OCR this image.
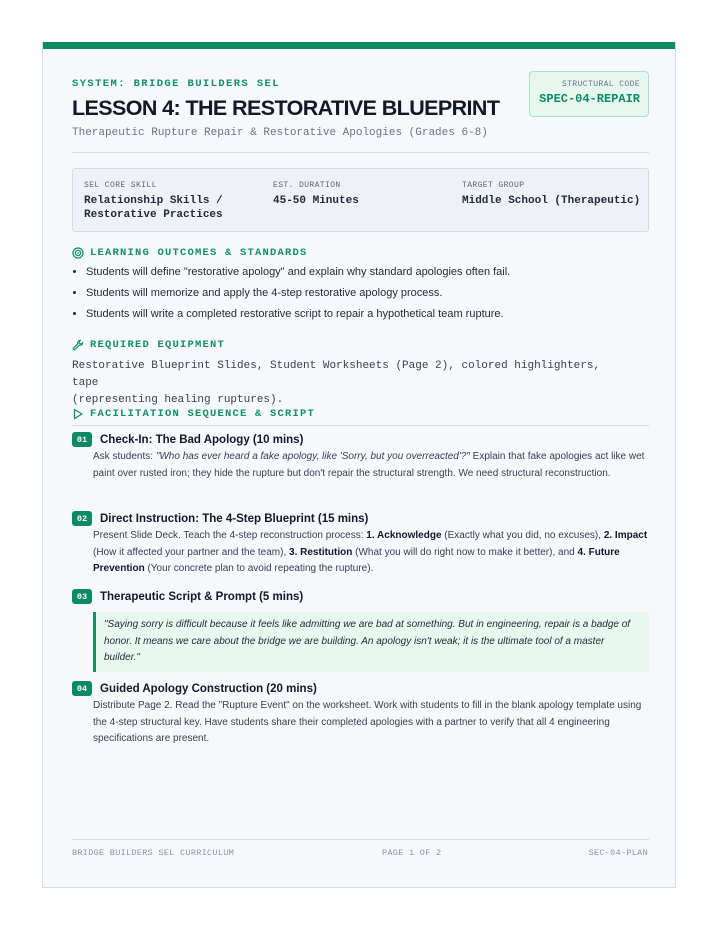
SYSTEM: BRIDGE BUILDERS SEL
LESSON 4: THE RESTORATIVE BLUEPRINT
Therapeutic Rupture Repair & Restorative Apologies (Grades 6-8)
STRUCTURAL CODE
SPEC-04-REPAIR
SEL CORE SKILL
Relationship Skills /
Restorative Practices
EST. DURATION
45-50 Minutes
TARGET GROUP
Middle School (Therapeutic)
LEARNING OUTCOMES & STANDARDS
• Students will define "restorative apology" and explain why standard apologies often fail.
• Students will memorize and apply the 4-step restorative apology process.
• Students will write a completed restorative script to repair a hypothetical team rupture.
REQUIRED EQUIPMENT
Restorative Blueprint Slides, Student Worksheets (Page 2), colored highlighters, tape
(representing healing ruptures).
FACILITATION SEQUENCE & SCRIPT
01	Check-In: The Bad Apology (10 mins)
Ask students: "Who has ever heard a fake apology, like 'Sorry, but you overreacted'?" Explain that fake apologies act like wet paint over rusted iron; they hide the rupture but don't repair the structural strength. We need structural reconstruction.
02	Direct Instruction: The 4-Step Blueprint (15 mins)
Present Slide Deck. Teach the 4-step reconstruction process: 1. Acknowledge (Exactly what you did, no excuses), 2. Impact (How it affected your partner and the team), 3. Restitution (What you will do right now to make it better), and 4. Future Prevention (Your concrete plan to avoid repeating the rupture).
03	Therapeutic Script & Prompt (5 mins)
"Saying sorry is difficult because it feels like admitting we are bad at something. But in engineering, repair is a badge of honor. It means we care about the bridge we are building. An apology isn't weak; it is the ultimate tool of a master builder."
04	Guided Apology Construction (20 mins)
Distribute Page 2. Read the "Rupture Event" on the worksheet. Work with students to fill in the blank apology template using the 4-step structural key. Have students share their completed apologies with a partner to verify that all 4 engineering specifications are present.
BRIDGE BUILDERS SEL CURRICULUM	PAGE 1 OF 2	SEC-04-PLAN
